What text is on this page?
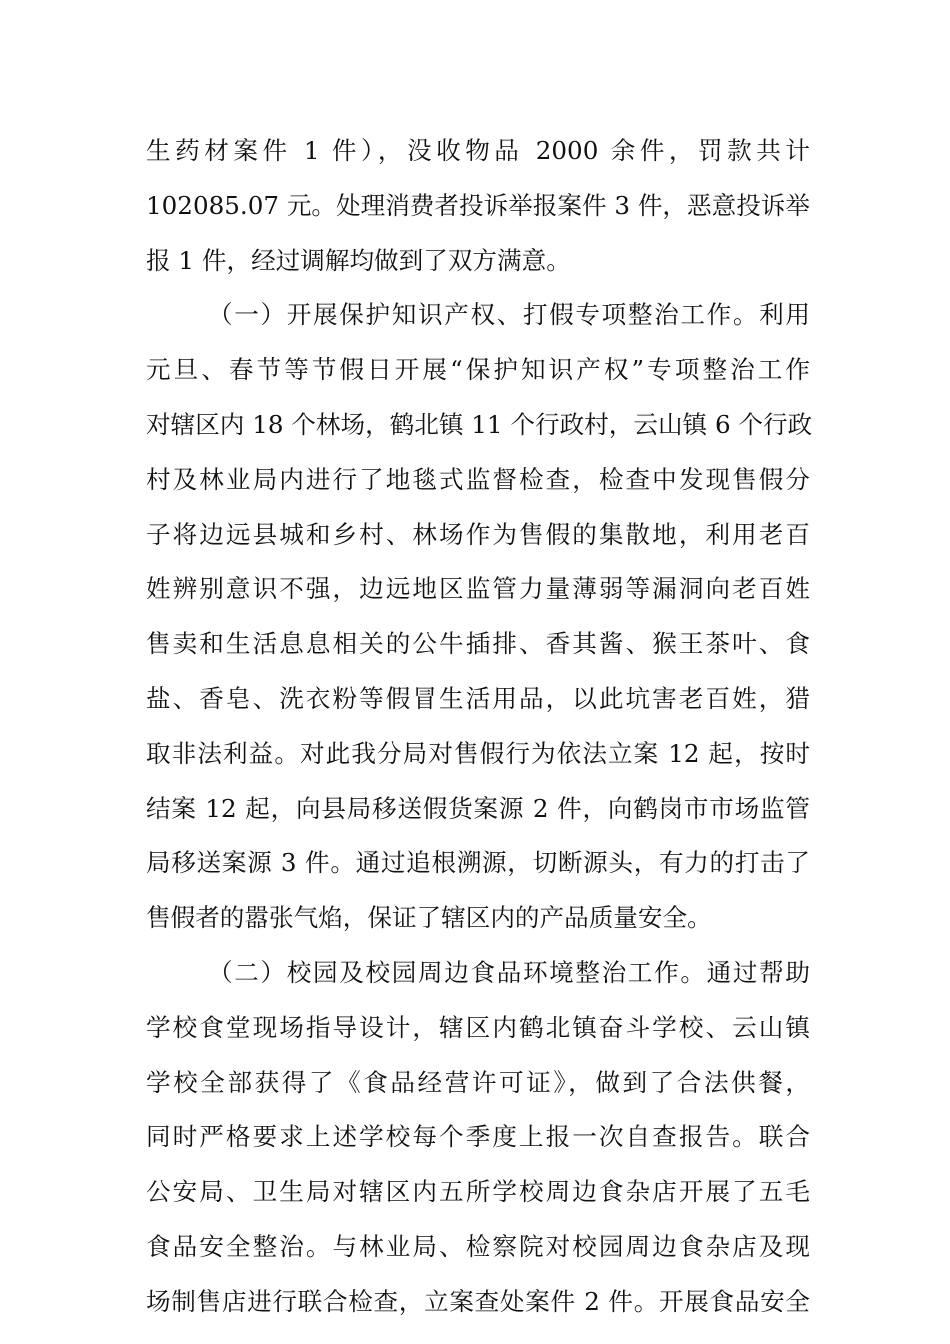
生药材案件 1 件），没收物品 2000 余件，罚款共计
102085.07 元。处理消费者投诉举报案件 3 件，恶意投诉举
报 1 件，经过调解均做到了双方满意。
（一）开展保护知识产权、打假专项整治工作。利用
元旦、春节等节假日开展“保护知识产权”专项整治工作
对辖区内 18 个林场，鹤北镇 11 个行政村，云山镇 6 个行政
村及林业局内进行了地毯式监督检查，检查中发现售假分
子将边远县城和乡村、林场作为售假的集散地，利用老百
姓辨别意识不强，边远地区监管力量薄弱等漏洞向老百姓
售卖和生活息息相关的公牛插排、香其酱、猴王茶叶、食
盐、香皂、洗衣粉等假冒生活用品，以此坑害老百姓，猎
取非法利益。对此我分局对售假行为依法立案 12 起，按时
结案 12 起，向县局移送假货案源 2 件，向鹤岗市市场监管
局移送案源 3 件。通过追根溯源，切断源头，有力的打击了
售假者的嚣张气焰，保证了辖区内的产品质量安全。
（二）校园及校园周边食品环境整治工作。通过帮助
学校食堂现场指导设计，辖区内鹤北镇奋斗学校、云山镇
学校全部获得了《食品经营许可证》，做到了合法供餐，
同时严格要求上述学校每个季度上报一次自查报告。联合
公安局、卫生局对辖区内五所学校周边食杂店开展了五毛
食品安全整治。与林业局、检察院对校园周边食杂店及现
场制售店进行联合检查，立案查处案件 2 件。开展食品安全
